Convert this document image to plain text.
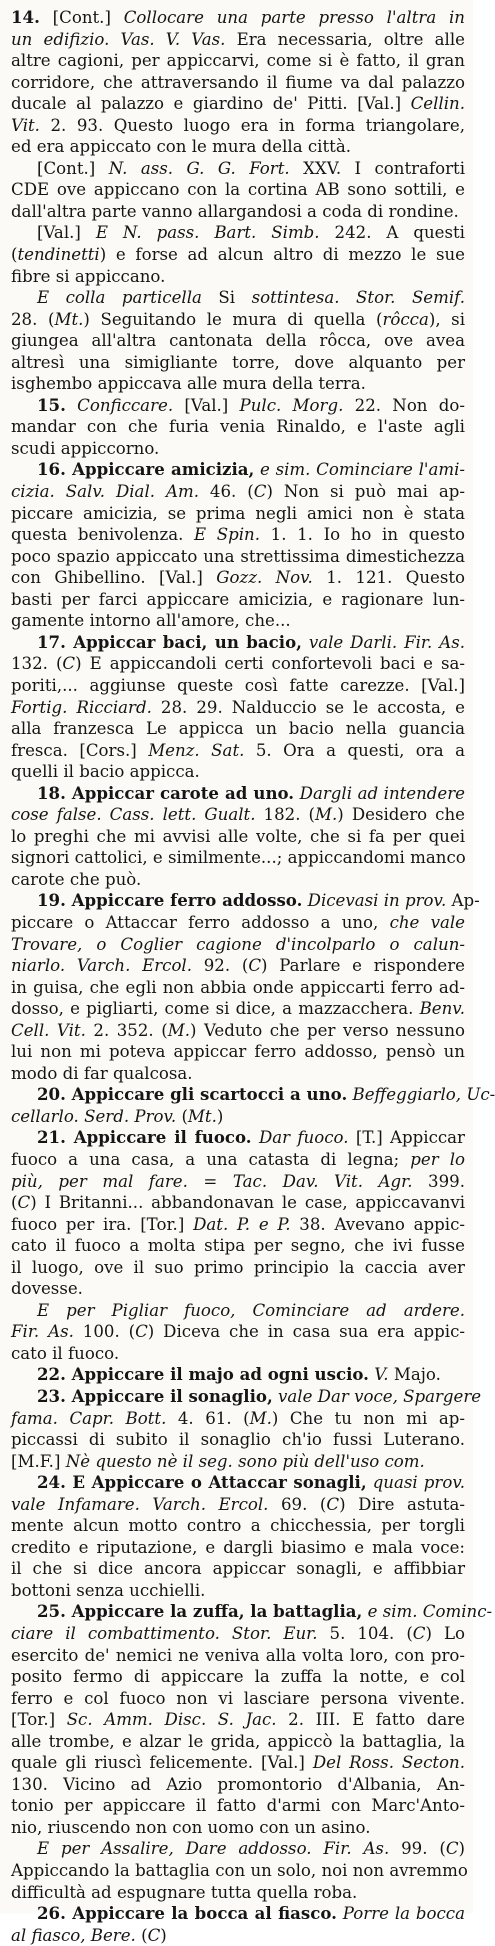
14. [Cont.] Collocare una parte presso l'altra in

un edifizio. Vas. V. Vas. Era necessaria, oltre alle

altre cagioni, per appiccarvi, come si è fatto, il gran

corridore, che attraversando il fiume va dal palazzo

ducale al palazzo e giardino de' Pitti. [Val.] Cellin.

Vit. 2. 93. Questo luogo era in forma triangolare,

ed era appiccato con le mura della città.

[Cont.] N. ass. G. G. Fort. XXV. I contraforti

CDE ove appiccano con la cortina AB sono sottili, e

dall'altra parte vanno allargandosi a coda di rondine.

[Val.] E N. pass. Bart. Simb. 242. A questi

(tendinetti) e forse ad alcun altro di mezzo le sue

fibre si appiccano.

E colla particella Si sottintesa. Stor. Semif.

28. (Mt.) Seguitando le mura di quella (rôcca), si

giungea all'altra cantonata della rôcca, ove avea

altresì una simigliante torre, dove alquanto per

isghembo appiccava alle mura della terra.

15. Conficcare. [Val.] Pulc. Morg. 22. Non do-

mandar con che furia venia Rinaldo, e l'aste agli

scudi appiccorno.

16. Appiccare amicizia, e sim. Cominciare l'ami-

cizia. Salv. Dial. Am. 46. (C) Non si può mai ap-

piccare amicizia, se prima negli amici non è stata

questa benivolenza. E Spin. 1. 1. Io ho in questo

poco spazio appiccato una strettissima dimestichezza

con Ghibellino. [Val.] Gozz. Nov. 1. 121. Questo

basti per farci appiccare amicizia, e ragionare lun-

gamente intorno all'amore, che...

17. Appiccar baci, un bacio, vale Darli. Fir. As.

132. (C) E appiccandoli certi confortevoli baci e sa-

poriti,... aggiunse queste così fatte carezze. [Val.]

Fortig. Ricciard. 28. 29. Nalduccio se le accosta, e

alla franzesca Le appicca un bacio nella guancia

fresca. [Cors.] Menz. Sat. 5. Ora a questi, ora a

quelli il bacio appicca.

18. Appiccar carote ad uno. Dargli ad intendere

cose false. Cass. lett. Gualt. 182. (M.) Desidero che

lo preghi che mi avvisi alle volte, che si fa per quei

signori cattolici, e similmente...; appiccandomi manco

carote che può.

19. Appiccare ferro addosso. Dicevasi in prov. Ap-

piccare o Attaccar ferro addosso a uno, che vale

Trovare, o Coglier cagione d'incolparlo o calun-

niarlo. Varch. Ercol. 92. (C) Parlare e rispondere

in guisa, che egli non abbia onde appiccarti ferro ad-

dosso, e pigliarti, come si dice, a mazzacchera. Benv.

Cell. Vit. 2. 352. (M.) Veduto che per verso nessuno

lui non mi poteva appiccar ferro addosso, pensò un

modo di far qualcosa.

20. Appiccare gli scartocci a uno. Beffeggiarlo, Uc-

cellarlo. Serd. Prov. (Mt.)

21. Appiccare il fuoco. Dar fuoco. [T.] Appiccar

fuoco a una casa, a una catasta di legna; per lo

più, per mal fare. = Tac. Dav. Vit. Agr. 399.

(C) I Britanni... abbandonavan le case, appiccavanvi

fuoco per ira. [Tor.] Dat. P. e P. 38. Avevano appic-

cato il fuoco a molta stipa per segno, che ivi fusse

il luogo, ove il suo primo principio la caccia aver

dovesse.

E per Pigliar fuoco, Cominciare ad ardere.

Fir. As. 100. (C) Diceva che in casa sua era appic-

cato il fuoco.

22. Appiccare il majo ad ogni uscio. V. Majo.

23. Appiccare il sonaglio, vale Dar voce, Spargere

fama. Capr. Bott. 4. 61. (M.) Che tu non mi ap-

piccassi di subito il sonaglio ch'io fussi Luterano.

[M.F.] Nè questo nè il seg. sono più dell'uso com.

24. E Appiccare o Attaccar sonagli, quasi prov.

vale Infamare. Varch. Ercol. 69. (C) Dire astuta-

mente alcun motto contro a chicchessia, per torgli

credito e riputazione, e dargli biasimo e mala voce:

il che si dice ancora appiccar sonagli, e affibbiar

bottoni senza ucchielli.

25. Appiccare la zuffa, la battaglia, e sim. Cominc-

ciare il combattimento. Stor. Eur. 5. 104. (C) Lo

esercito de' nemici ne veniva alla volta loro, con pro-

posito fermo di appiccare la zuffa la notte, e col

ferro e col fuoco non vi lasciare persona vivente.

[Tor.] Sc. Amm. Disc. S. Jac. 2. III. E fatto dare

alle trombe, e alzar le grida, appiccò la battaglia, la

quale gli riuscì felicemente. [Val.] Del Ross. Secton.

130. Vicino ad Azio promontorio d'Albania, An-

tonio per appiccare il fatto d'armi con Marc'Anto-

nio, riuscendo non con uomo con un asino.

E per Assalire, Dare addosso. Fir. As. 99. (C)

Appiccando la battaglia con un solo, noi non avremmo

difficultà ad espugnare tutta quella roba.

26. Appiccare la bocca al fiasco. Porre la bocca

al fiasco, Bere. (C)
